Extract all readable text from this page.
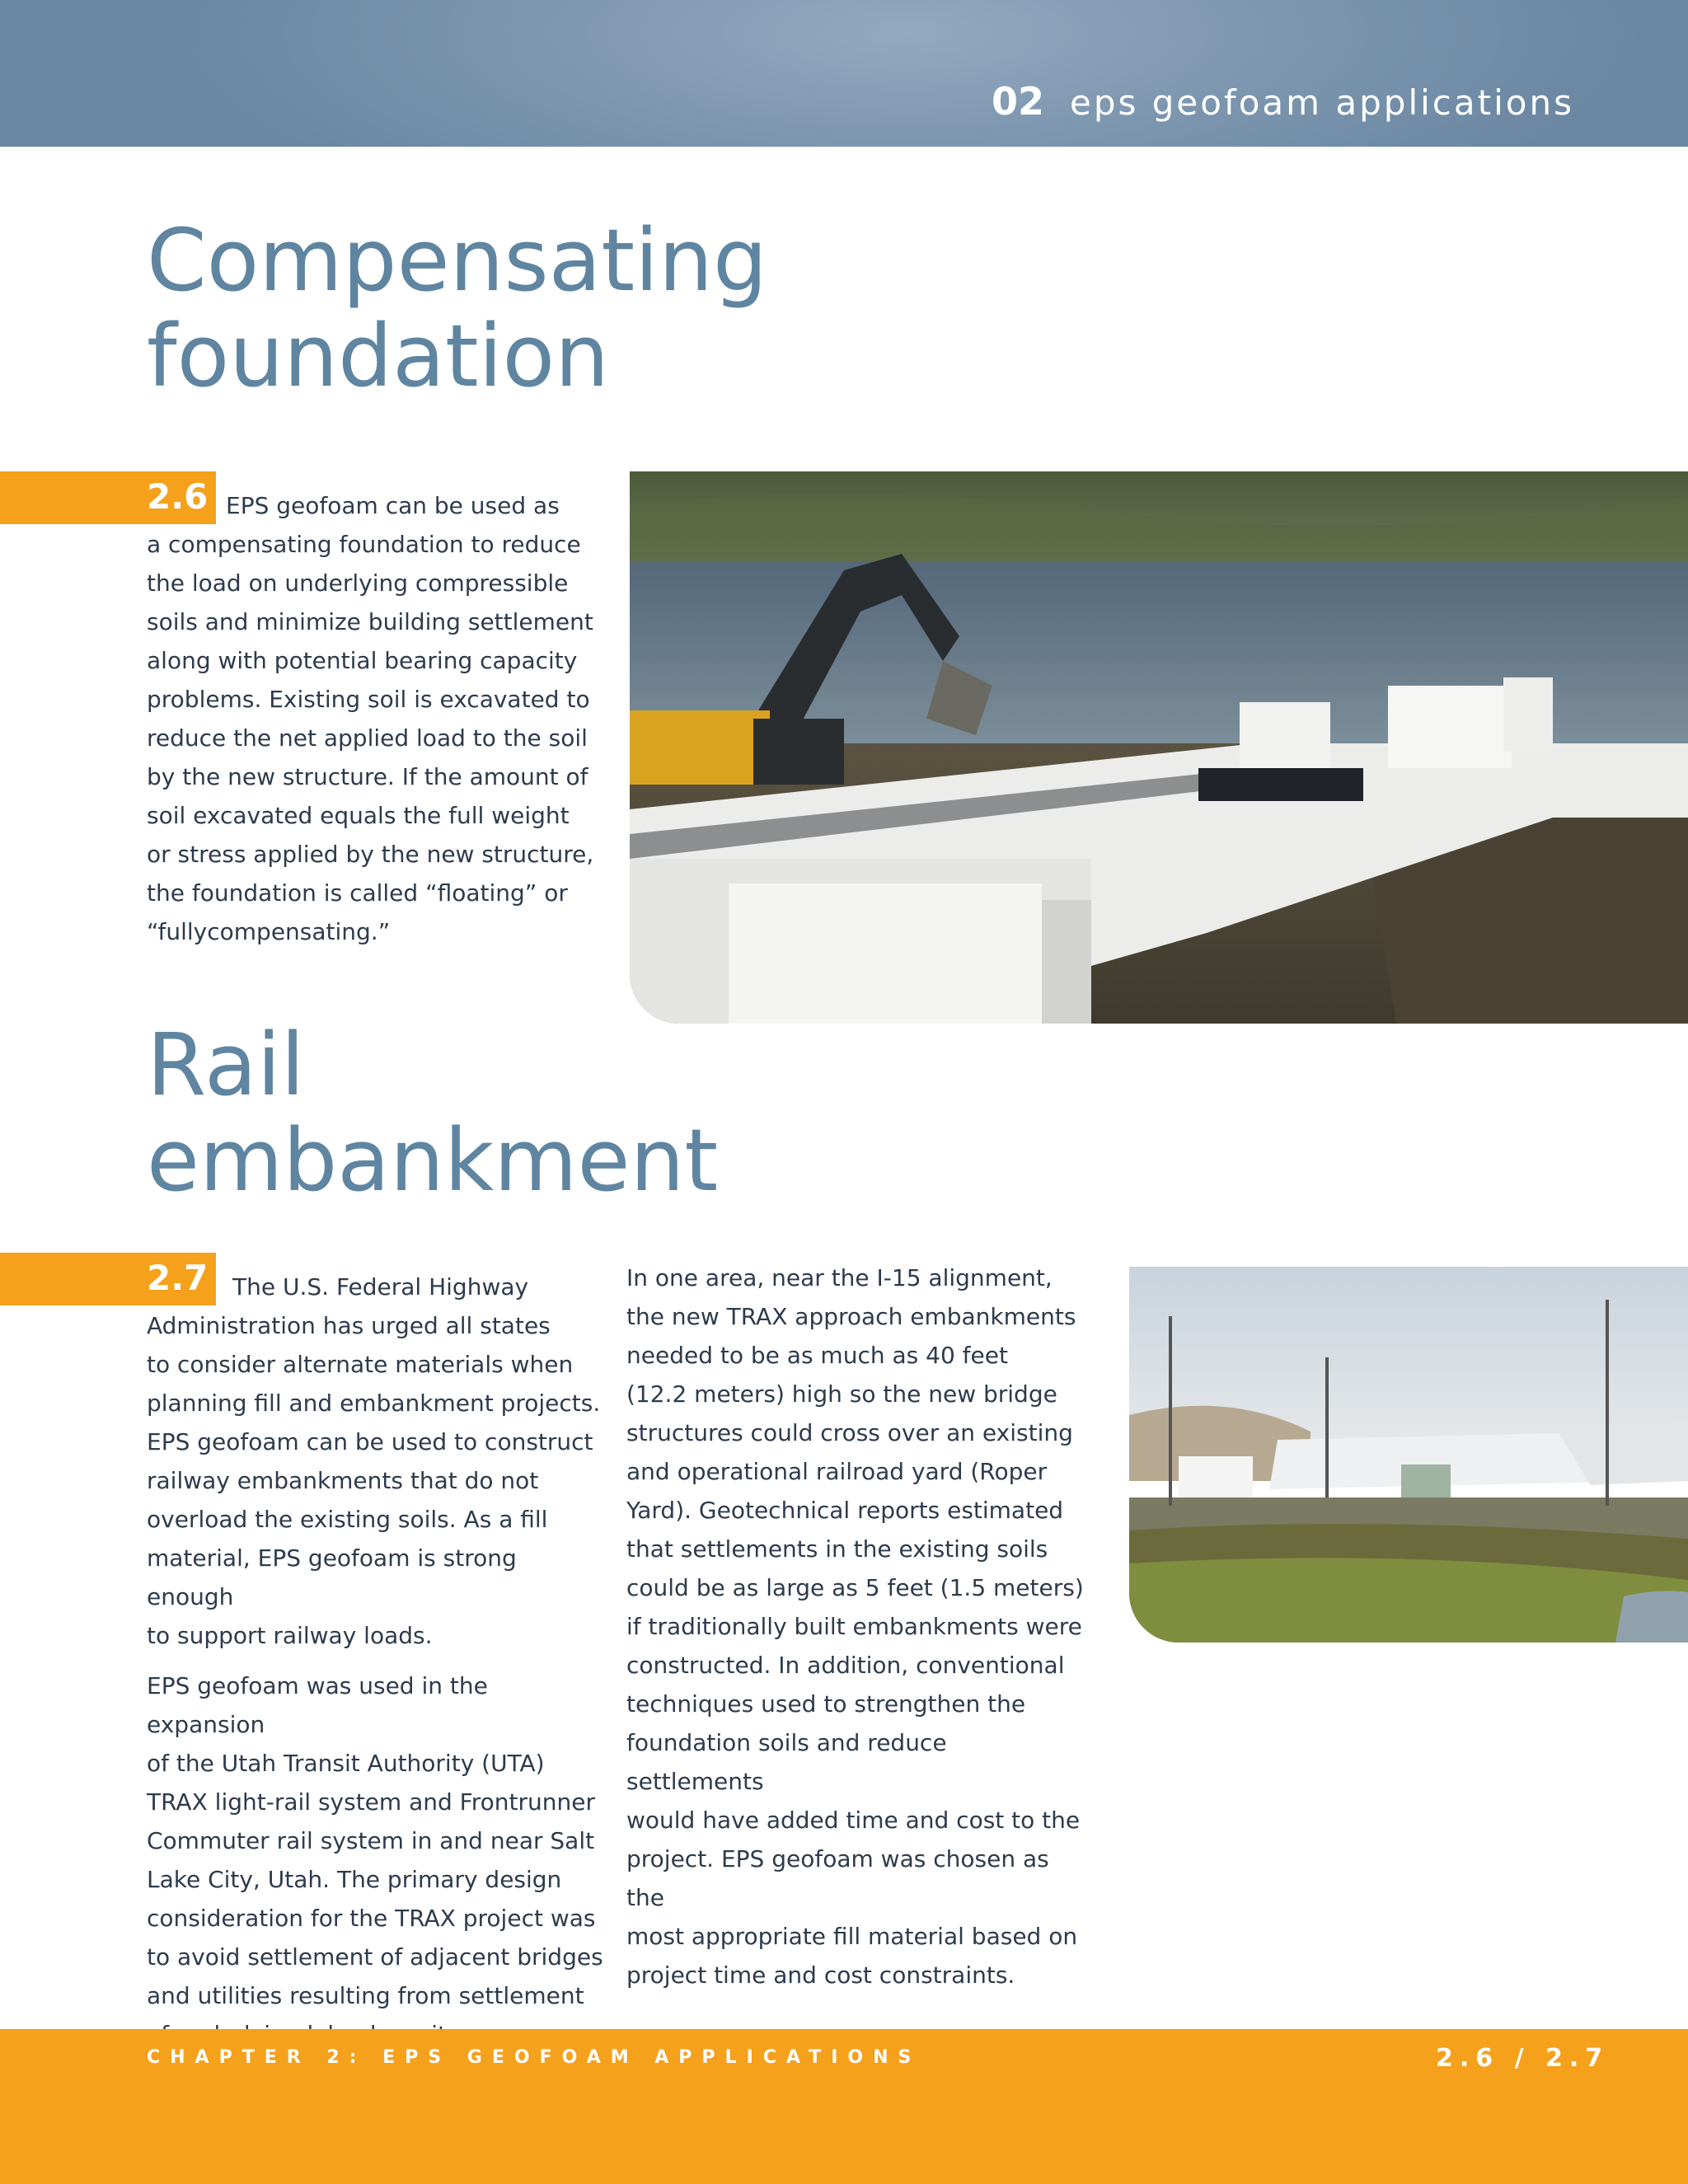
02 eps geofoam applications
Compensating
foundation
2.6 EPS geofoam can be used as
a compensating foundation to reduce
the load on underlying compressible
soils and minimize building settlement
along with potential bearing capacity
problems. Existing soil is excavated to
reduce the net applied load to the soil
by the new structure. If the amount of
soil excavated equals the full weight
or stress applied by the new structure,
the foundation is called “floating” or
“fullycompensating.”
Rail
embankment
2.7	The U.S. Federal Highway
Administration has urged all states
to consider alternate materials when
planning fill and embankment projects.
EPS geofoam can be used to construct
railway embankments that do not
overload the existing soils. As a fill
material, EPS geofoam is strong enough
to support railway loads.
EPS geofoam was used in the expansion
of the Utah Transit Authority (UTA)
TRAX light-rail system and Frontrunner
Commuter rail system in and near Salt
Lake City, Utah. The primary design
consideration for the TRAX project was
to avoid settlement of adjacent bridges
and utilities resulting from settlement
In one area, near the I-15 alignment,
the new TRAX approach embankments
needed to be as much as 40 feet
(12.2 meters) high so the new bridge
structures could cross over an existing
and operational railroad yard (Roper
Yard). Geotechnical reports estimated
that settlements in the existing soils
could be as large as 5 feet (1.5 meters)
if traditionally built embankments were
constructed. In addition, conventional
techniques used to strengthen the
foundation soils and reduce settlements
would have added time and cost to the
project. EPS geofoam was chosen as the
most appropriate fill material based on
project time and cost constraints.
CHAPTER 2: EPS GEOFOAM APPLICATIONS	2.6 / 2.7
